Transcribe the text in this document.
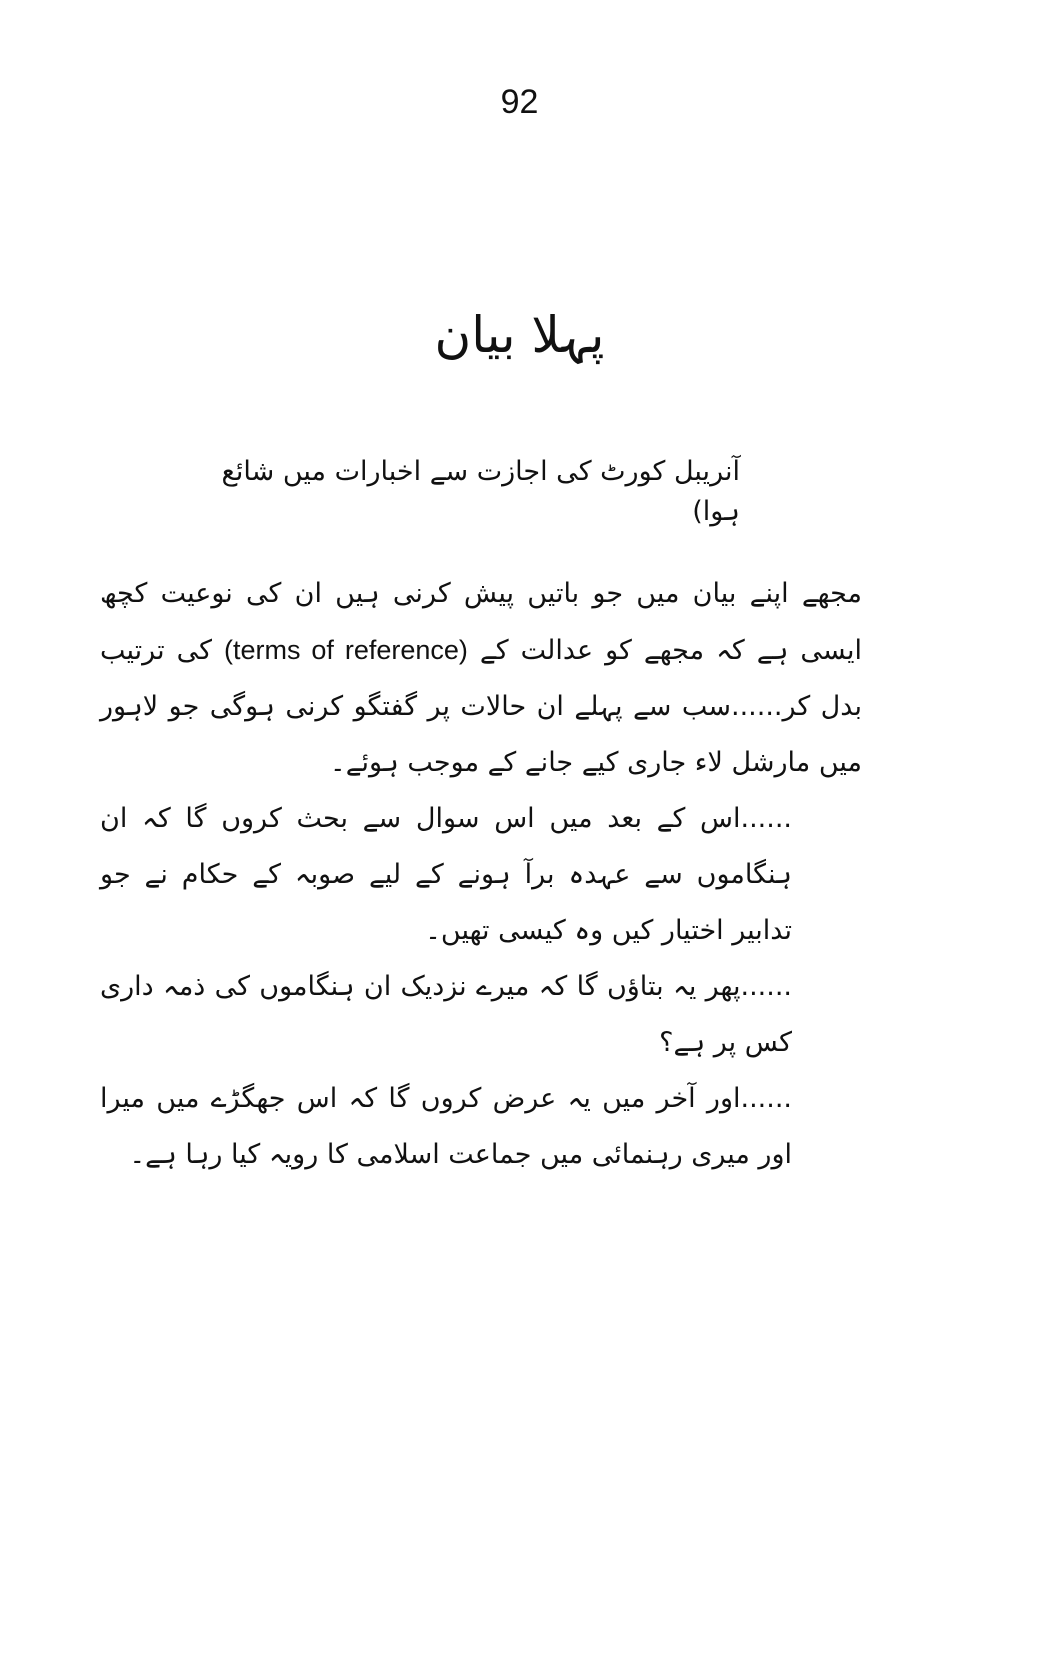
92
پہلا بیان
آنریبل کورٹ کی اجازت سے اخبارات میں شائع ہوا)

مجھے اپنے بیان میں جو باتیں پیش کرنی ہیں ان کی نوعیت کچھ ایسی ہے کہ مجھے کو عدالت کے (terms of reference) کی ترتیب بدل کر......سب سے پہلے ان حالات پر گفتگو کرنی ہوگی جو لاہور میں مارشل لاء جاری کیے جانے کے موجب ہوئے۔

......اس کے بعد میں اس سوال سے بحث کروں گا کہ ان ہنگاموں سے عہدہ برآ ہونے کے لیے صوبہ کے حکام نے جو تدابیر اختیار کیں وہ کیسی تھیں۔

......پھر یہ بتاؤں گا کہ میرے نزدیک ان ہنگاموں کی ذمہ داری کس پر ہے؟

......اور آخر میں یہ عرض کروں گا کہ اس جھگڑے میں میرا اور میری رہنمائی میں جماعت اسلامی کا رویہ کیا رہا ہے۔
